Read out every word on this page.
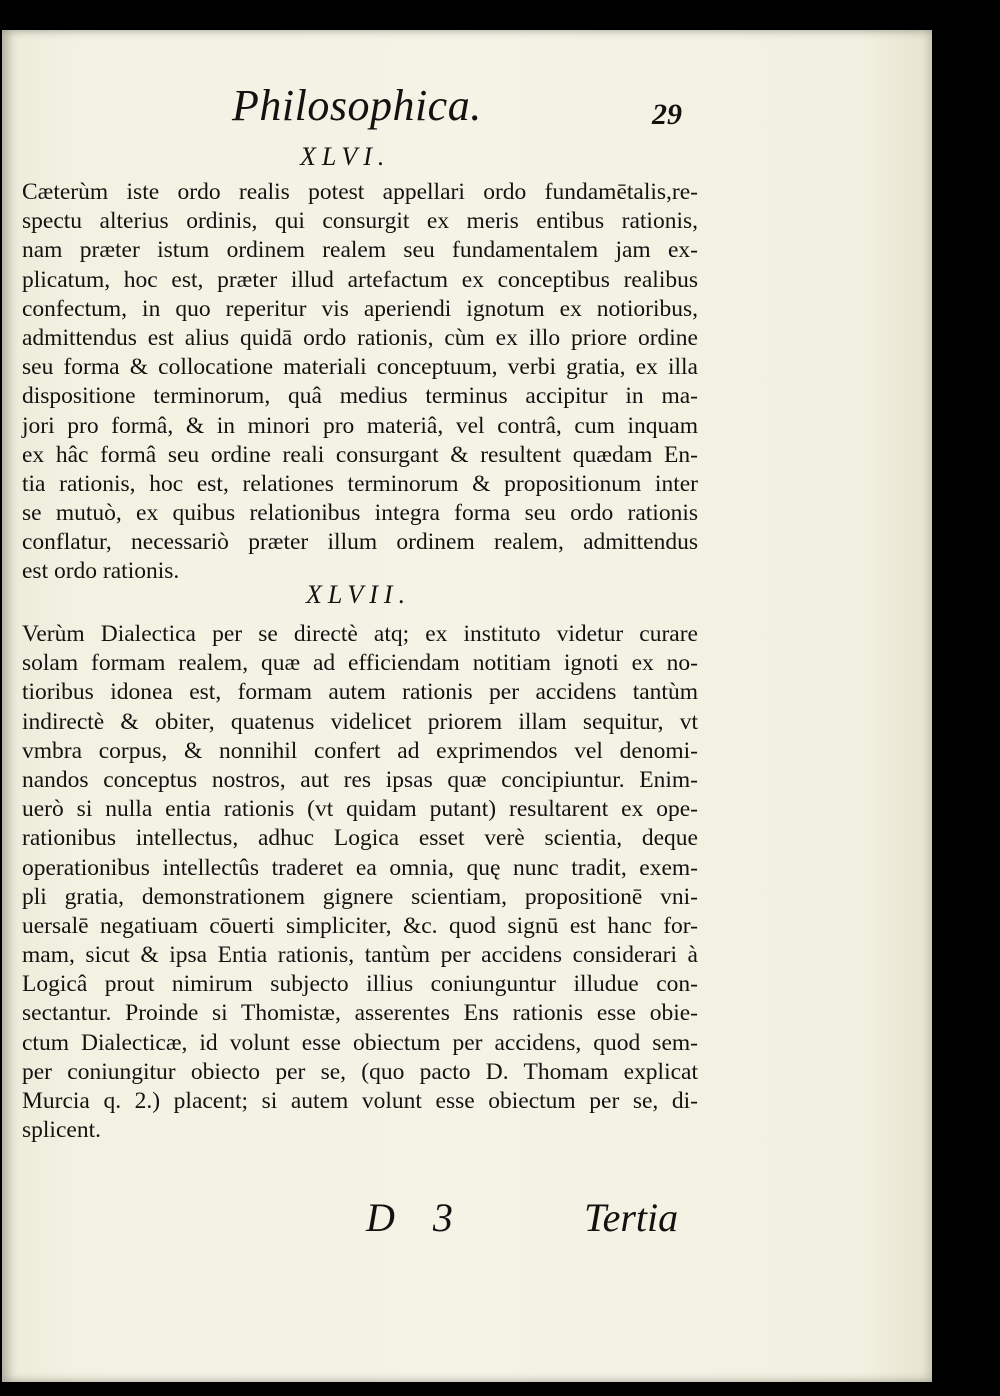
Philosophica.	29
XLVI.
Cæterùm iste ordo realis potest appellari ordo fundamētalis,re-
spectu alterius ordinis, qui consurgit ex meris entibus rationis,
nam præter istum ordinem realem seu fundamentalem jam ex-
plicatum, hoc est, præter illud artefactum ex conceptibus realibus
confectum, in quo reperitur vis aperiendi ignotum ex notioribus,
admittendus est alius quidā ordo rationis, cùm ex illo priore ordine
seu forma & collocatione materiali conceptuum, verbi gratia, ex illa
dispositione terminorum, quâ medius terminus accipitur in ma-
jori pro formâ, & in minori pro materiâ, vel contrâ, cum inquam
ex hâc formâ seu ordine reali consurgant & resultent quædam En-
tia rationis, hoc est, relationes terminorum & propositionum inter
se mutuò, ex quibus relationibus integra forma seu ordo rationis
conflatur, necessariò præter illum ordinem realem, admittendus
est ordo rationis.
XLVII.
Verùm Dialectica per se directè atq; ex instituto videtur curare
solam formam realem, quæ ad efficiendam notitiam ignoti ex no-
tioribus idonea est, formam autem rationis per accidens tantùm
indirectè & obiter, quatenus videlicet priorem illam sequitur, vt
vmbra corpus, & nonnihil confert ad exprimendos vel denomi-
nandos conceptus nostros, aut res ipsas quæ concipiuntur. Enim-
uerò si nulla entia rationis (vt quidam putant) resultarent ex ope-
rationibus intellectus, adhuc Logica esset verè scientia, deque
operationibus intellectûs traderet ea omnia, quę nunc tradit, exem-
pli gratia, demonstrationem gignere scientiam, propositionē vni-
uersalē negatiuam cōuerti simpliciter, &c. quod signū est hanc for-
mam, sicut & ipsa Entia rationis, tantùm per accidens considerari à
Logicâ prout nimirum subjecto illius coniunguntur illudue con-
sectantur. Proinde si Thomistæ, asserentes Ens rationis esse obie-
ctum Dialecticæ, id volunt esse obiectum per accidens, quod sem-
per coniungitur obiecto per se, (quo pacto D. Thomam explicat
Murcia q. 2.) placent; si autem volunt esse obiectum per se, di-
splicent.
D 3	Tertia
